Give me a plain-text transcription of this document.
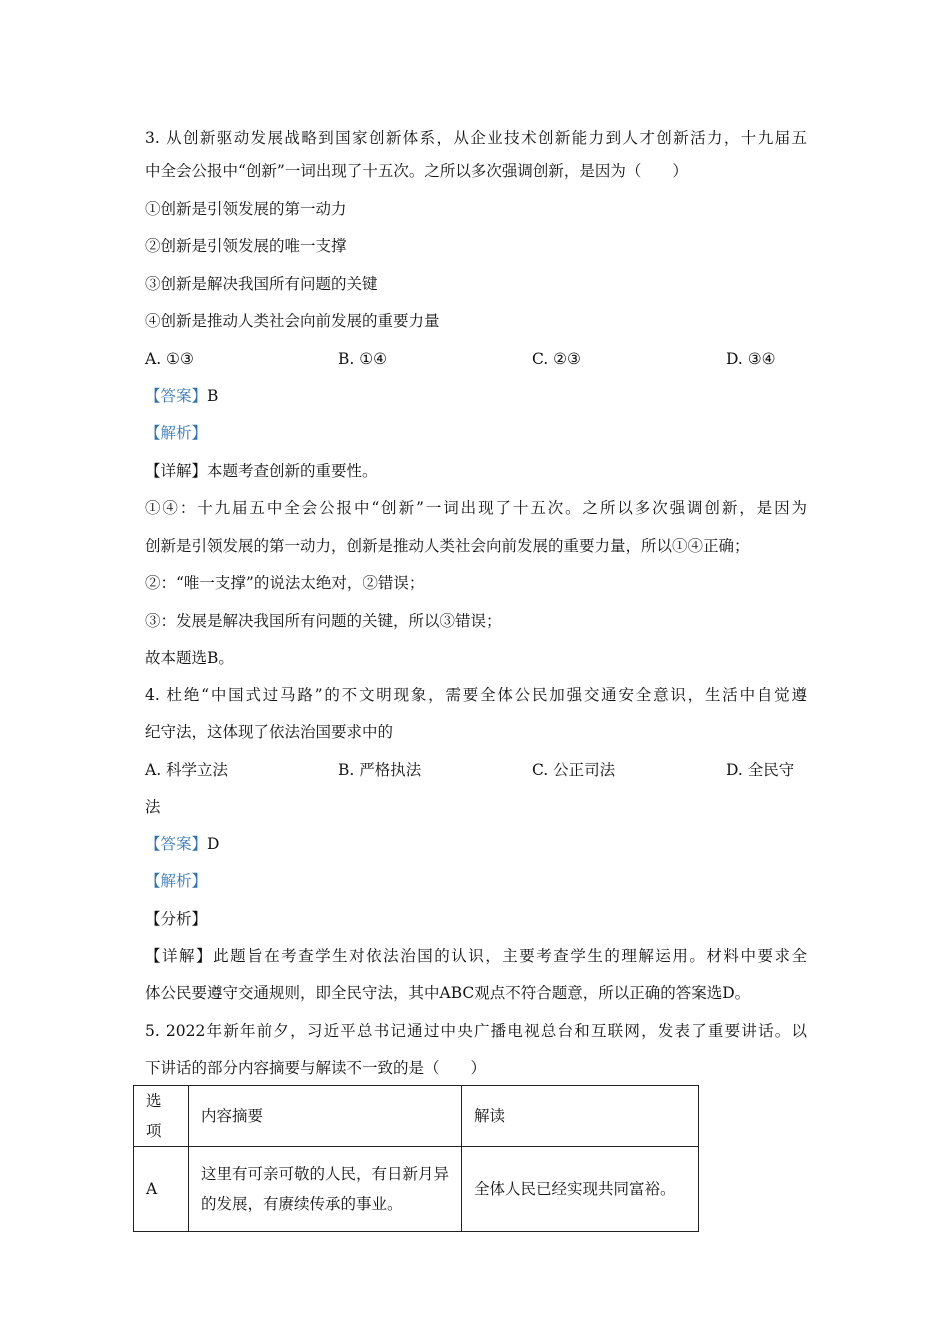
3. 从创新驱动发展战略到国家创新体系，从企业技术创新能力到人才创新活力，十九届五
中全会公报中“创新”一词出现了十五次。之所以多次强调创新，是因为（　　）
①创新是引领发展的第一动力
②创新是引领发展的唯一支撑
③创新是解决我国所有问题的关键
④创新是推动人类社会向前发展的重要力量
A. ①③	B. ①④	C. ②③	D. ③④
【答案】B
【解析】
【详解】本题考查创新的重要性。
①④：十九届五中全会公报中“创新”一词出现了十五次。之所以多次强调创新，是因为
创新是引领发展的第一动力，创新是推动人类社会向前发展的重要力量，所以①④正确；
②：“唯一支撑”的说法太绝对，②错误；
③：发展是解决我国所有问题的关键，所以③错误；
故本题选B。
4. 杜绝“中国式过马路”的不文明现象，需要全体公民加强交通安全意识，生活中自觉遵
纪守法，这体现了依法治国要求中的
A. 科学立法	B. 严格执法	C. 公正司法	D. 全民守
法
【答案】D
【解析】
【分析】
【详解】此题旨在考查学生对依法治国的认识，主要考查学生的理解运用。材料中要求全
体公民要遵守交通规则，即全民守法，其中ABC观点不符合题意，所以正确的答案选D。
5. 2022年新年前夕，习近平总书记通过中央广播电视总台和互联网，发表了重要讲话。以
下讲话的部分内容摘要与解读不一致的是（　　）
选项	内容摘要	解读
A	这里有可亲可敬的人民，有日新月异的发展，有赓续传承的事业。	全体人民已经实现共同富裕。
